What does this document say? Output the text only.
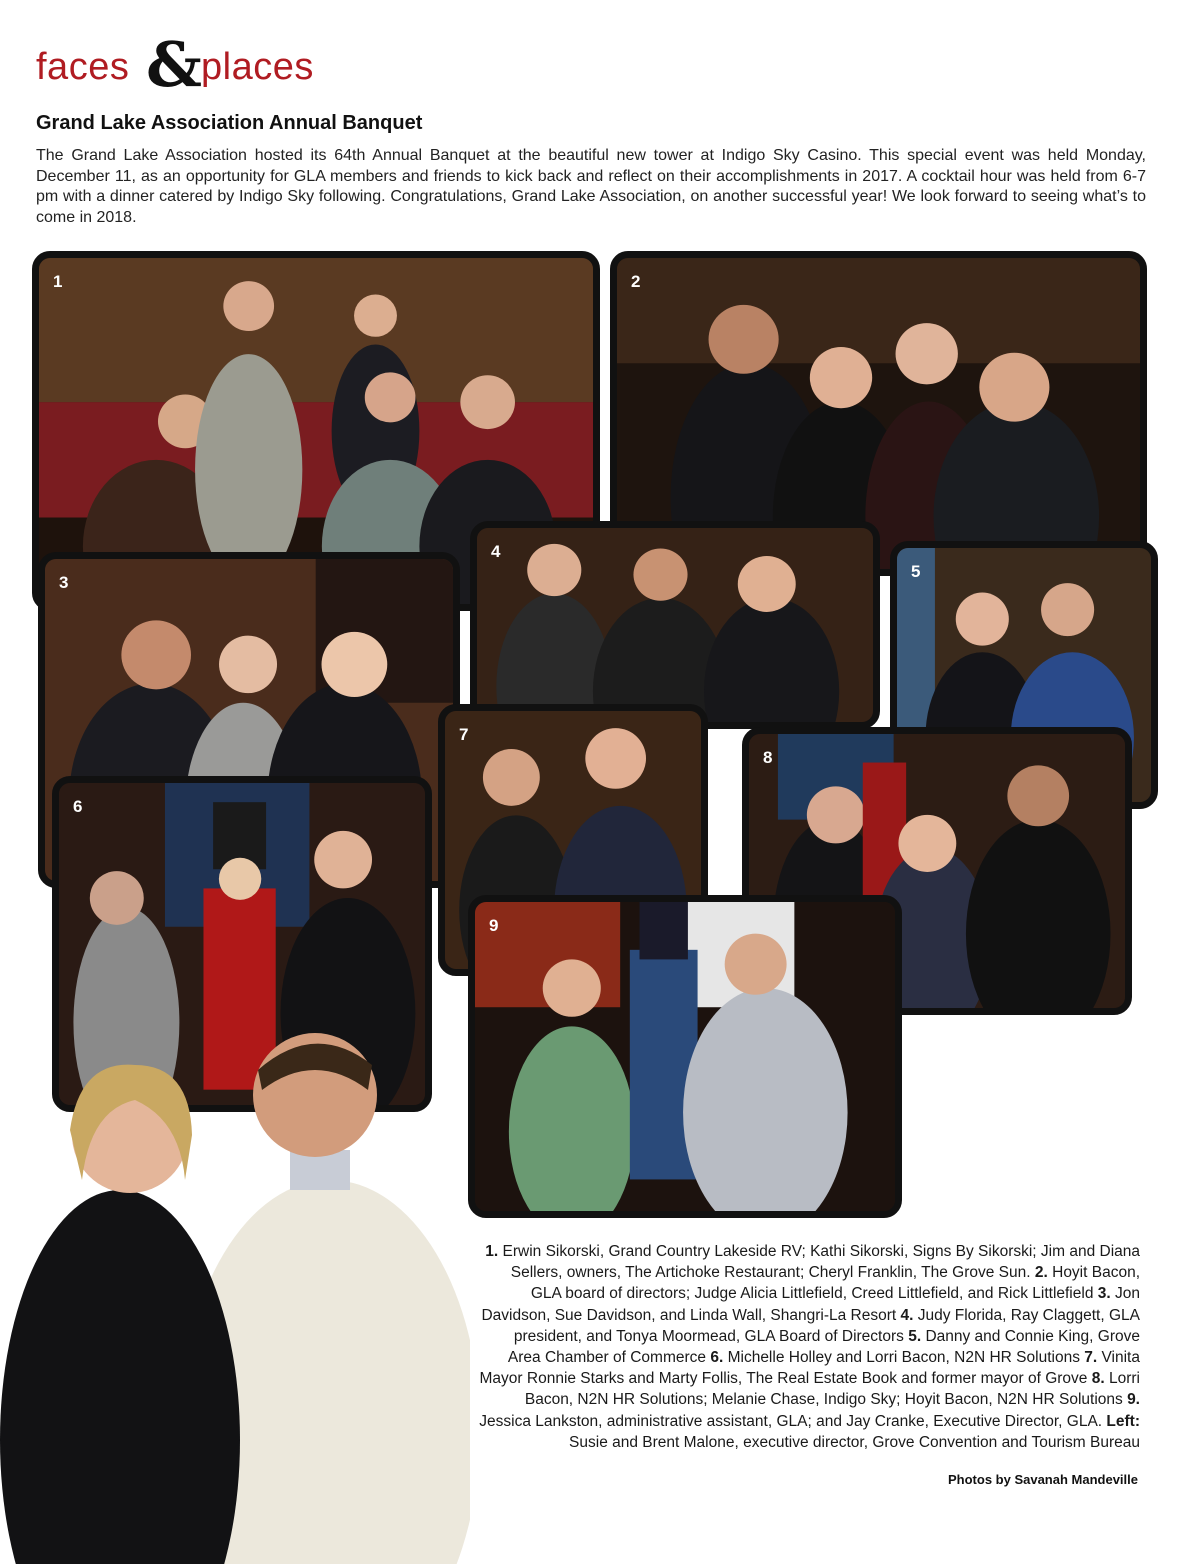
faces & places
Grand Lake Association Annual Banquet

The Grand Lake Association hosted its 64th Annual Banquet at the beautiful new tower at Indigo Sky Casino. This special event was held Monday, December 11, as an opportunity for GLA members and friends to kick back and reflect on their accomplishments in 2017. A cocktail hour was held from 6-7 pm with a dinner catered by Indigo Sky following. Congratulations, Grand Lake Association, on another successful year! We look forward to seeing what’s to come in 2018.

1	2
3
4
5
6
7
8
9
1. Erwin Sikorski, Grand Country Lakeside RV; Kathi Sikorski, Signs By Sikorski; Jim and Diana Sellers, owners, The Artichoke Restaurant; Cheryl Franklin, The Grove Sun. 2. Hoyit Bacon, GLA board of directors; Judge Alicia Littlefield, Creed Littlefield, and Rick Littlefield 3. Jon Davidson, Sue Davidson, and Linda Wall, Shangri-La Resort 4. Judy Florida, Ray Claggett, GLA president, and Tonya Moormead, GLA Board of Directors 5. Danny and Connie King, Grove Area Chamber of Commerce 6. Michelle Holley and Lorri Bacon, N2N HR Solutions 7. Vinita Mayor Ronnie Starks and Marty Follis, The Real Estate Book and former mayor of Grove 8. Lorri Bacon, N2N HR Solutions; Melanie Chase, Indigo Sky; Hoyit Bacon, N2N HR Solutions 9. Jessica Lankston, administrative assistant, GLA; and Jay Cranke, Executive Director, GLA. Left: Susie and Brent Malone, executive director, Grove Convention and Tourism Bureau
Photos by Savanah Mandeville
